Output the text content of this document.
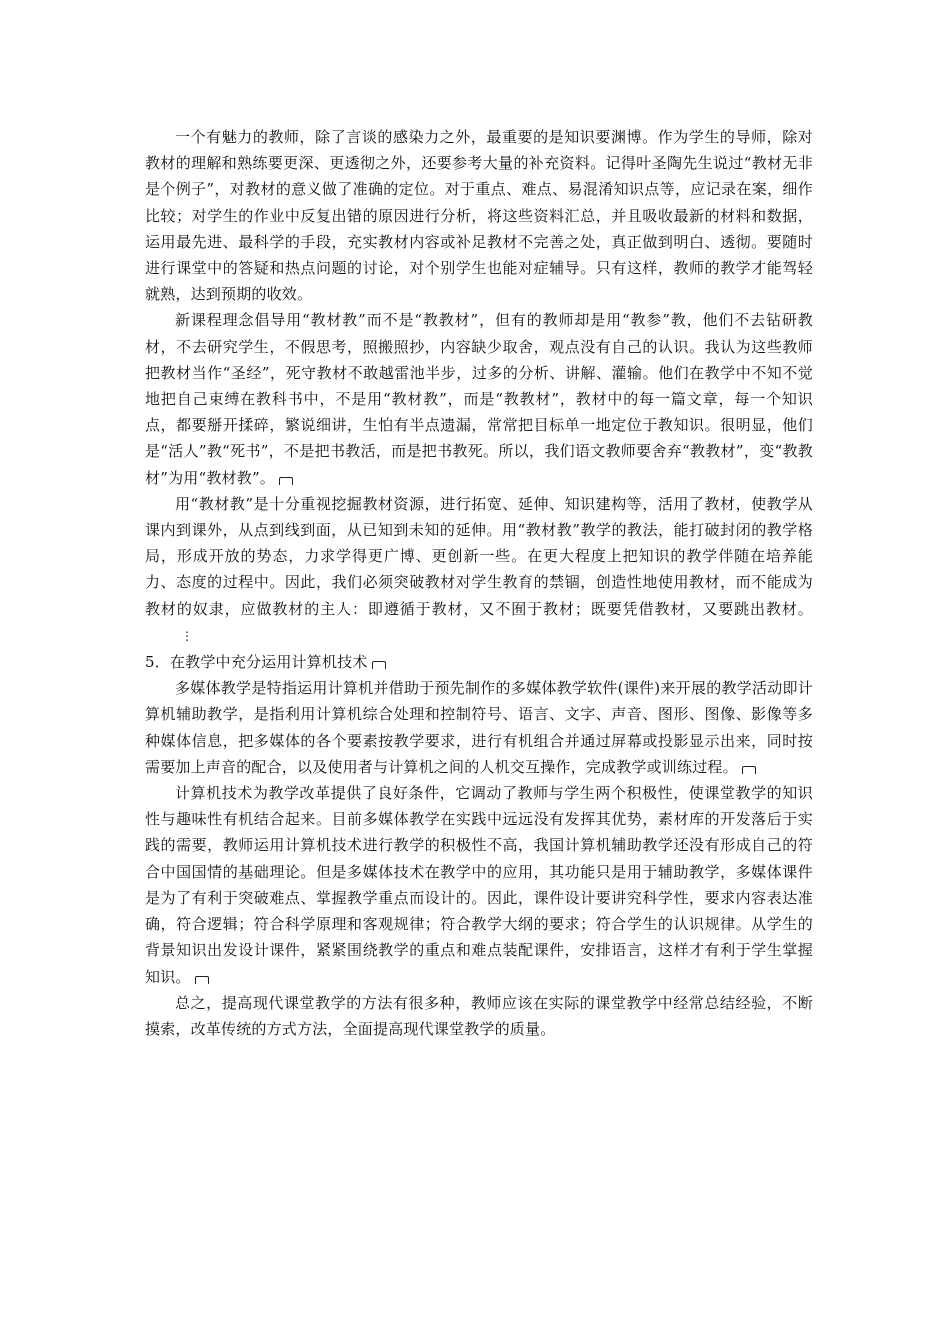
一个有魅力的教师，除了言谈的感染力之外，最重要的是知识要渊博。作为学生的导师，除对教材的理解和熟练要更深、更透彻之外，还要参考大量的补充资料。记得叶圣陶先生说过“教材无非是个例子”，对教材的意义做了准确的定位。对于重点、难点、易混淆知识点等，应记录在案，细作比较；对学生的作业中反复出错的原因进行分析，将这些资料汇总，并且吸收最新的材料和数据，运用最先进、最科学的手段，充实教材内容或补足教材不完善之处，真正做到明白、透彻。要随时进行课堂中的答疑和热点问题的讨论，对个别学生也能对症辅导。只有这样，教师的教学才能驾轻就熟，达到预期的收效。

新课程理念倡导用“教材教”而不是“教教材”，但有的教师却是用“教参”教，他们不去钻研教材，不去研究学生，不假思考，照搬照抄，内容缺少取舍，观点没有自己的认识。我认为这些教师把教材当作“圣经”，死守教材不敢越雷池半步，过多的分析、讲解、灌输。他们在教学中不知不觉地把自己束缚在教科书中，不是用“教材教”，而是“教教材”，教材中的每一篇文章，每一个知识点，都要掰开揉碎，繁说细讲，生怕有半点遗漏，常常把目标单一地定位于教知识。很明显，他们是“活人”教“死书”，不是把书教活，而是把书教死。所以，我们语文教师要舍弃“教教材”，变“教教材”为用“教材教”。

用“教材教”是十分重视挖掘教材资源，进行拓宽、延伸、知识建构等，活用了教材，使教学从课内到课外，从点到线到面，从已知到未知的延伸。用“教材教”教学的教法，能打破封闭的教学格局，形成开放的势态，力求学得更广博、更创新一些。在更大程度上把知识的教学伴随在培养能力、态度的过程中。因此，我们必须突破教材对学生教育的禁锢，创造性地使用教材，而不能成为教材的奴隶，应做教材的主人：即遵循于教材，又不囿于教材；既要凭借教材，又要跳出教材。⋮

5．在教学中充分运用计算机技术

多媒体教学是特指运用计算机并借助于预先制作的多媒体教学软件(课件)来开展的教学活动即计算机辅助教学，是指利用计算机综合处理和控制符号、语言、文字、声音、图形、图像、影像等多种媒体信息，把多媒体的各个要素按教学要求，进行有机组合并通过屏幕或投影显示出来，同时按需要加上声音的配合，以及使用者与计算机之间的人机交互操作，完成教学或训练过程。

计算机技术为教学改革提供了良好条件，它调动了教师与学生两个积极性，使课堂教学的知识性与趣味性有机结合起来。目前多媒体教学在实践中远远没有发挥其优势，素材库的开发落后于实践的需要，教师运用计算机技术进行教学的积极性不高，我国计算机辅助教学还没有形成自己的符合中国国情的基础理论。但是多媒体技术在教学中的应用，其功能只是用于辅助教学，多媒体课件是为了有利于突破难点、掌握教学重点而设计的。因此，课件设计要讲究科学性，要求内容表达准确，符合逻辑；符合科学原理和客观规律；符合教学大纲的要求；符合学生的认识规律。从学生的背景知识出发设计课件，紧紧围绕教学的重点和难点装配课件，安排语言，这样才有利于学生掌握知识。

总之，提高现代课堂教学的方法有很多种，教师应该在实际的课堂教学中经常总结经验，不断摸索，改革传统的方式方法，全面提高现代课堂教学的质量。
